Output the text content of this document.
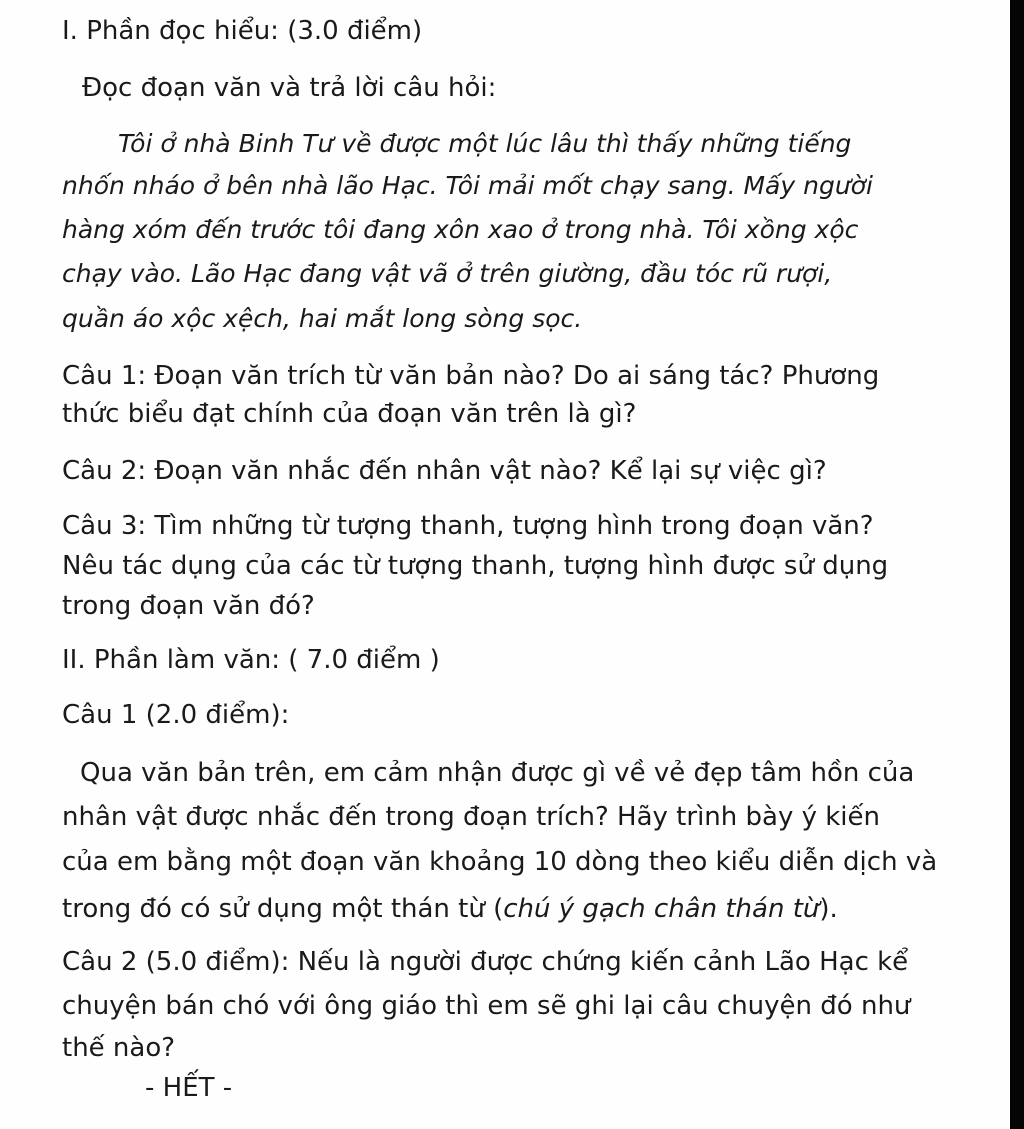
I. Phần đọc hiểu: (3.0 điểm)
Đọc đoạn văn và trả lời câu hỏi:
Tôi ở nhà Binh Tư về được một lúc lâu thì thấy những tiếng
nhốn nháo ở bên nhà lão Hạc. Tôi mải mốt chạy sang. Mấy người
hàng xóm đến trước tôi đang xôn xao ở trong nhà. Tôi xồng xộc
chạy vào. Lão Hạc đang vật vã ở trên giường, đầu tóc rũ rượi,
quần áo xộc xệch, hai mắt long sòng sọc.
Câu 1: Đoạn văn trích từ văn bản nào? Do ai sáng tác? Phương
thức biểu đạt chính của đoạn văn trên là gì?
Câu 2: Đoạn văn nhắc đến nhân vật nào? Kể lại sự việc gì?
Câu 3: Tìm những từ tượng thanh, tượng hình trong đoạn văn?
Nêu tác dụng của các từ tượng thanh, tượng hình được sử dụng
trong đoạn văn đó?
II. Phần làm văn: ( 7.0 điểm )
Câu 1 (2.0 điểm):
Qua văn bản trên, em cảm nhận được gì về vẻ đẹp tâm hồn của
nhân vật được nhắc đến trong đoạn trích? Hãy trình bày ý kiến
của em bằng một đoạn văn khoảng 10 dòng theo kiểu diễn dịch và
trong đó có sử dụng một thán từ (chú ý gạch chân thán từ).
Câu 2 (5.0 điểm): Nếu là người được chứng kiến cảnh Lão Hạc kể
chuyện bán chó với ông giáo thì em sẽ ghi lại câu chuyện đó như
thế nào?
- HẾT -
